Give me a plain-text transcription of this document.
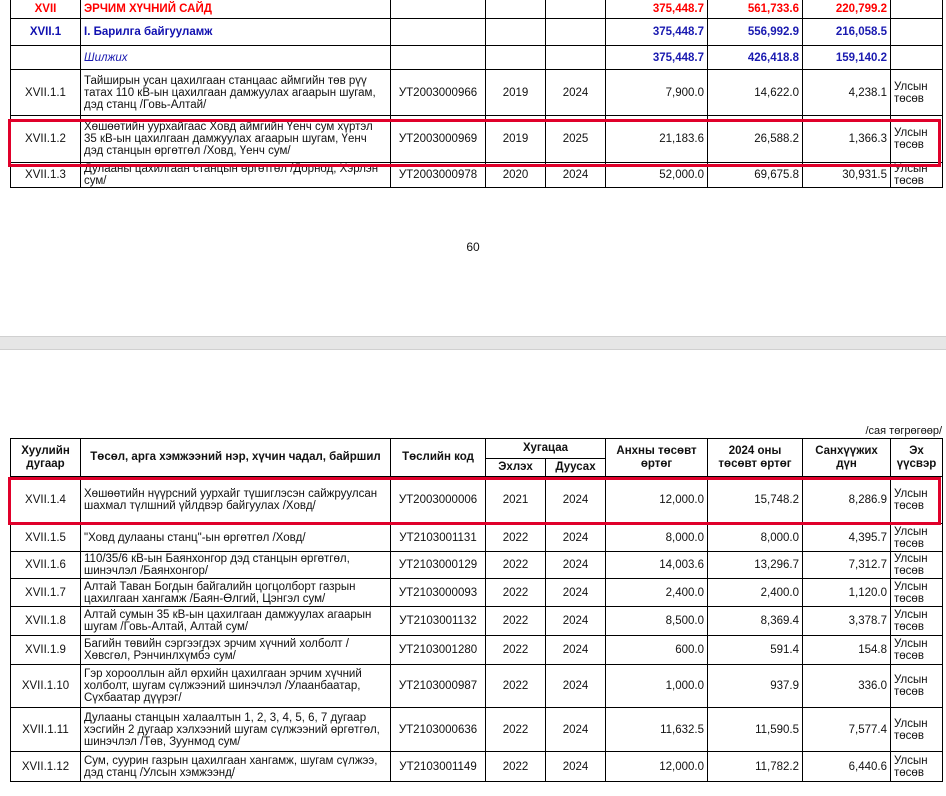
XVII	ЭРЧИМ ХҮЧНИЙ САЙД				375,448.7	561,733.6	220,799.2	
XVII.1	I. Барилга байгууламж				375,448.7	556,992.9	216,058.5	
	Шилжих				375,448.7	426,418.8	159,140.2	
XVII.1.1	Тайширын усан цахилгаан станцаас аймгийн төв рүү татах 110 кВ-ын цахилгаан дамжуулах агаарын шугам, дэд станц /Говь-Алтай/	УТ2003000966	2019	2024	7,900.0	14,622.0	4,238.1	Улсын төсөв
XVII.1.2	Хөшөөтийн уурхайгаас Ховд аймгийн Үенч сум хүртэл 35 кВ-ын цахилгаан дамжуулах агаарын шугам, Үенч дэд станцын өргөтгөл /Ховд, Үенч сум/	УТ2003000969	2019	2025	21,183.6	26,588.2	1,366.3	Улсын төсөв
XVII.1.3	Дулааны цахилгаан станцын өргөтгөл /Дорнод, Хэрлэн сум/	УТ2003000978	2020	2024	52,000.0	69,675.8	30,931.5	Улсын төсөв
60
/сая төгрөгөөр/
Хуулийн дугаар	Төсөл, арга хэмжээний нэр, хүчин чадал, байршил	Төслийн код	Хугацаа		Анхны төсөвт өртөг	2024 оны төсөвт өртөг	Санхүүжих дүн	Эх үүсвэр
			Эхлэх	Дуусах				
XVII.1.4	Хөшөөтийн нүүрсний уурхайг түшиглэсэн сайжруулсан шахмал түлшний үйлдвэр байгуулах /Ховд/	УТ2003000006	2021	2024	12,000.0	15,748.2	8,286.9	Улсын төсөв
XVII.1.5	"Ховд дулааны станц"-ын өргөтгөл /Ховд/	УТ2103001131	2022	2024	8,000.0	8,000.0	4,395.7	Улсын төсөв
XVII.1.6	110/35/6 кВ-ын Баянхонгор дэд станцын өргөтгөл, шинэчлэл /Баянхонгор/	УТ2103000129	2022	2024	14,003.6	13,296.7	7,312.7	Улсын төсөв
XVII.1.7	Алтай Таван Богдын байгалийн цогцолборт газрын цахилгаан хангамж /Баян-Өлгий, Цэнгэл сум/	УТ2103000093	2022	2024	2,400.0	2,400.0	1,120.0	Улсын төсөв
XVII.1.8	Алтай сумын 35 кВ-ын цахилгаан дамжуулах агаарын шугам /Говь-Алтай, Алтай сум/	УТ2103001132	2022	2024	8,500.0	8,369.4	3,378.7	Улсын төсөв
XVII.1.9	Багийн төвийн сэргээгдэх эрчим хүчний холболт /Хөвсгөл, Рэнчинлхүмбэ сум/	УТ2103001280	2022	2024	600.0	591.4	154.8	Улсын төсөв
XVII.1.10	Гэр хорооллын айл өрхийн цахилгаан эрчим хүчний холболт, шугам сүлжээний шинэчлэл /Улаанбаатар, Сүхбаатар дүүрэг/	УТ2103000987	2022	2024	1,000.0	937.9	336.0	Улсын төсөв
XVII.1.11	Дулааны станцын халаалтын 1, 2, 3, 4, 5, 6, 7 дугаар хэсгийн 2 дугаар хэлхээний шугам сүлжээний өргөтгөл, шинэчлэл /Төв, Зуунмод сум/	УТ2103000636	2022	2024	11,632.5	11,590.5	7,577.4	Улсын төсөв
XVII.1.12	Сум, суурин газрын цахилгаан хангамж, шугам сүлжээ, дэд станц /Улсын хэмжээнд/	УТ2103001149	2022	2024	12,000.0	11,782.2	6,440.6	Улсын төсөв
